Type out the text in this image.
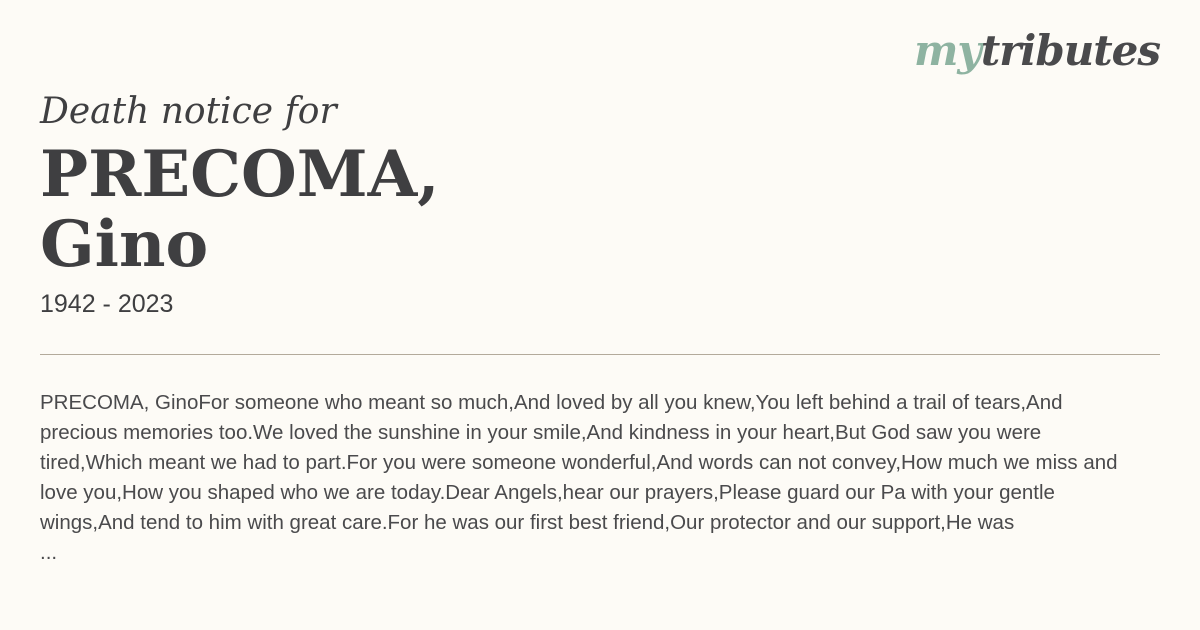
mytributes
Death notice for
PRECOMA,
Gino
1942 - 2023
PRECOMA, GinoFor someone who meant so much,And loved by all you knew,You left behind a trail of tears,And
precious memories too.We loved the sunshine in your smile,And kindness in your heart,But God saw you were
tired,Which meant we had to part.For you were someone wonderful,And words can not convey,How much we miss and
love you,How you shaped who we are today.Dear Angels,hear our prayers,Please guard our Pa with your gentle
wings,And tend to him with great care.For he was our first best friend,Our protector and our support,He was
...
